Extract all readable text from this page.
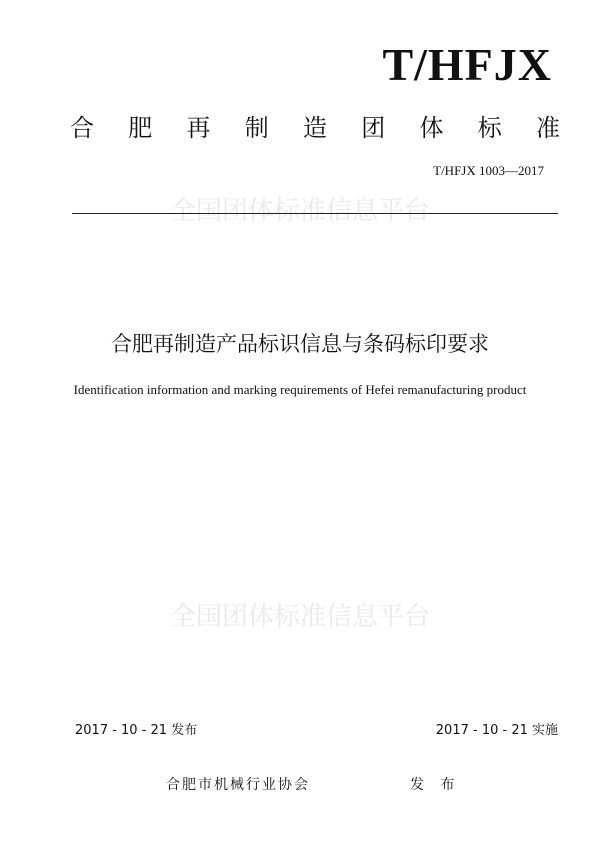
T/HFJX
合 肥 再 制 造 团 体 标 准
T/HFJX 1003—2017
全国团体标准信息平台
合肥再制造产品标识信息与条码标印要求
Identification information and marking requirements of Hefei remanufacturing product
全国团体标准信息平台
2017 - 10 - 21 发布	2017 - 10 - 21 实施
合肥市机械行业协会	发 布
